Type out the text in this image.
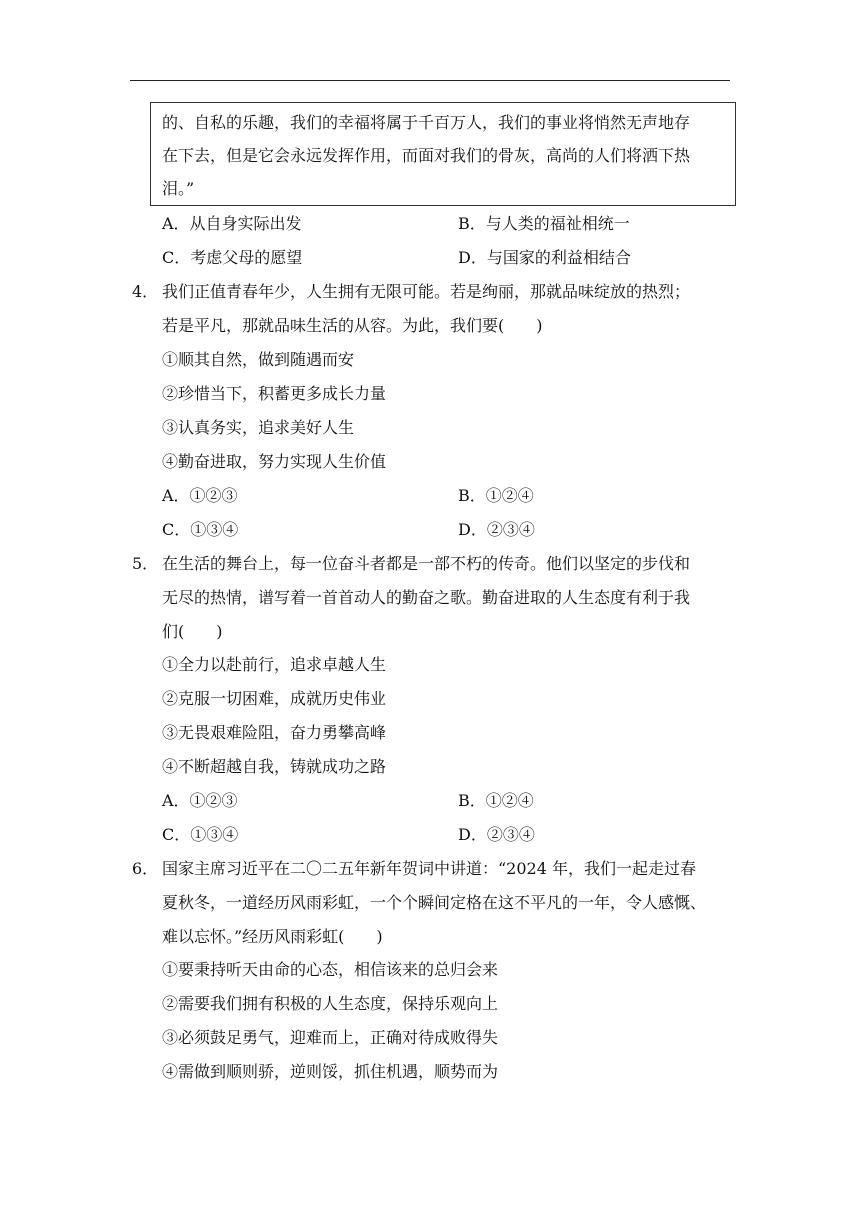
的、自私的乐趣，我们的幸福将属于千百万人，我们的事业将悄然无声地存
在下去，但是它会永远发挥作用，而面对我们的骨灰，高尚的人们将洒下热
泪。”
A．从自身实际出发	B．与人类的福祉相统一
C．考虑父母的愿望	D．与国家的利益相结合
4． 我们正值青春年少，人生拥有无限可能。若是绚丽，那就品味绽放的热烈；
若是平凡，那就品味生活的从容。为此，我们要(　　)
①顺其自然，做到随遇而安
②珍惜当下，积蓄更多成长力量
③认真务实，追求美好人生
④勤奋进取，努力实现人生价值
A．①②③	B．①②④
C．①③④	D．②③④
5． 在生活的舞台上，每一位奋斗者都是一部不朽的传奇。他们以坚定的步伐和
无尽的热情，谱写着一首首动人的勤奋之歌。勤奋进取的人生态度有利于我
们(　　)
①全力以赴前行，追求卓越人生
②克服一切困难，成就历史伟业
③无畏艰难险阻，奋力勇攀高峰
④不断超越自我，铸就成功之路
A．①②③	B．①②④
C．①③④	D．②③④
6． 国家主席习近平在二〇二五年新年贺词中讲道：“2024 年，我们一起走过春
夏秋冬，一道经历风雨彩虹，一个个瞬间定格在这不平凡的一年，令人感慨、
难以忘怀。”经历风雨彩虹(　　)
①要秉持听天由命的心态，相信该来的总归会来
②需要我们拥有积极的人生态度，保持乐观向上
③必须鼓足勇气，迎难而上，正确对待成败得失
④需做到顺则骄，逆则馁，抓住机遇，顺势而为
